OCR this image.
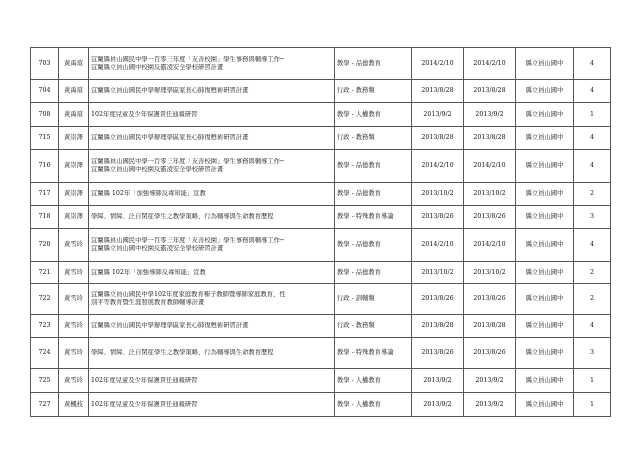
703	黃禹瑄	宜蘭縣員山國民中學一百零三年度「友善校園」學生事務與輔導工作─
宜蘭縣立員山國中校園反霸凌安全學校研習計畫	教學 - 品德教育	2014/2/10	2014/2/10	縣立員山國中	4
704	黃禹瑄	宜蘭縣立員山國民中學辦理學區家長心肺復甦術研習計畫	行政 - 教務類	2013/8/28	2013/8/28	縣立員山國中	4
708	黃禹瑄	102年度兒童及少年保護責任通報研習	教學 - 人權教育	2013/9/2	2013/9/2	縣立員山國中	1
715	黃崇澤	宜蘭縣立員山國民中學辦理學區家長心肺復甦術研習計畫	行政 - 教務類	2013/8/28	2013/8/28	縣立員山國中	4
716	黃崇澤	宜蘭縣員山國民中學一百零三年度「友善校園」學生事務與輔導工作─
宜蘭縣立員山國中校園反霸凌安全學校研習計畫	教學 - 品德教育	2014/2/10	2014/2/10	縣立員山國中	4
717	黃崇澤	宜蘭縣 102年「加強導師反毒知能」宣教	教學 - 品德教育	2013/10/2	2013/10/2	縣立員山國中	2
718	黃崇澤	學障、情障、泛自閉症學生之教學策略、行為輔導與生命教育歷程	教學 - 特殊教育導論	2013/8/26	2013/8/26	縣立員山國中	3
720	黃雪玲	宜蘭縣員山國民中學一百零三年度「友善校園」學生事務與輔導工作─
宜蘭縣立員山國中校園反霸凌安全學校研習計畫	教學 - 品德教育	2014/2/10	2014/2/10	縣立員山國中	4
721	黃雪玲	宜蘭縣 102年「加強導師反毒知能」宣教	教學 - 品德教育	2013/10/2	2013/10/2	縣立員山國中	2
722	黃雪玲	宜蘭縣立員山國民中學102年度家庭教育種子教師暨導師家庭教育、性
別平等教育暨生涯發展教育教師輔導計畫	行政 - 訓輔類	2013/8/26	2013/8/26	縣立員山國中	2
723	黃雪玲	宜蘭縣立員山國民中學辦理學區家長心肺復甦術研習計畫	行政 - 教務類	2013/8/28	2013/8/28	縣立員山國中	4
724	黃雪玲	學障、情障、泛自閉症學生之教學策略、行為輔導與生命教育歷程	教學 - 特殊教育導論	2013/8/26	2013/8/26	縣立員山國中	3
725	黃雪玲	102年度兒童及少年保護責任通報研習	教學 - 人權教育	2013/9/2	2013/9/2	縣立員山國中	1
727	黃楓枝	102年度兒童及少年保護責任通報研習	教學 - 人權教育	2013/9/2	2013/9/2	縣立員山國中	1
